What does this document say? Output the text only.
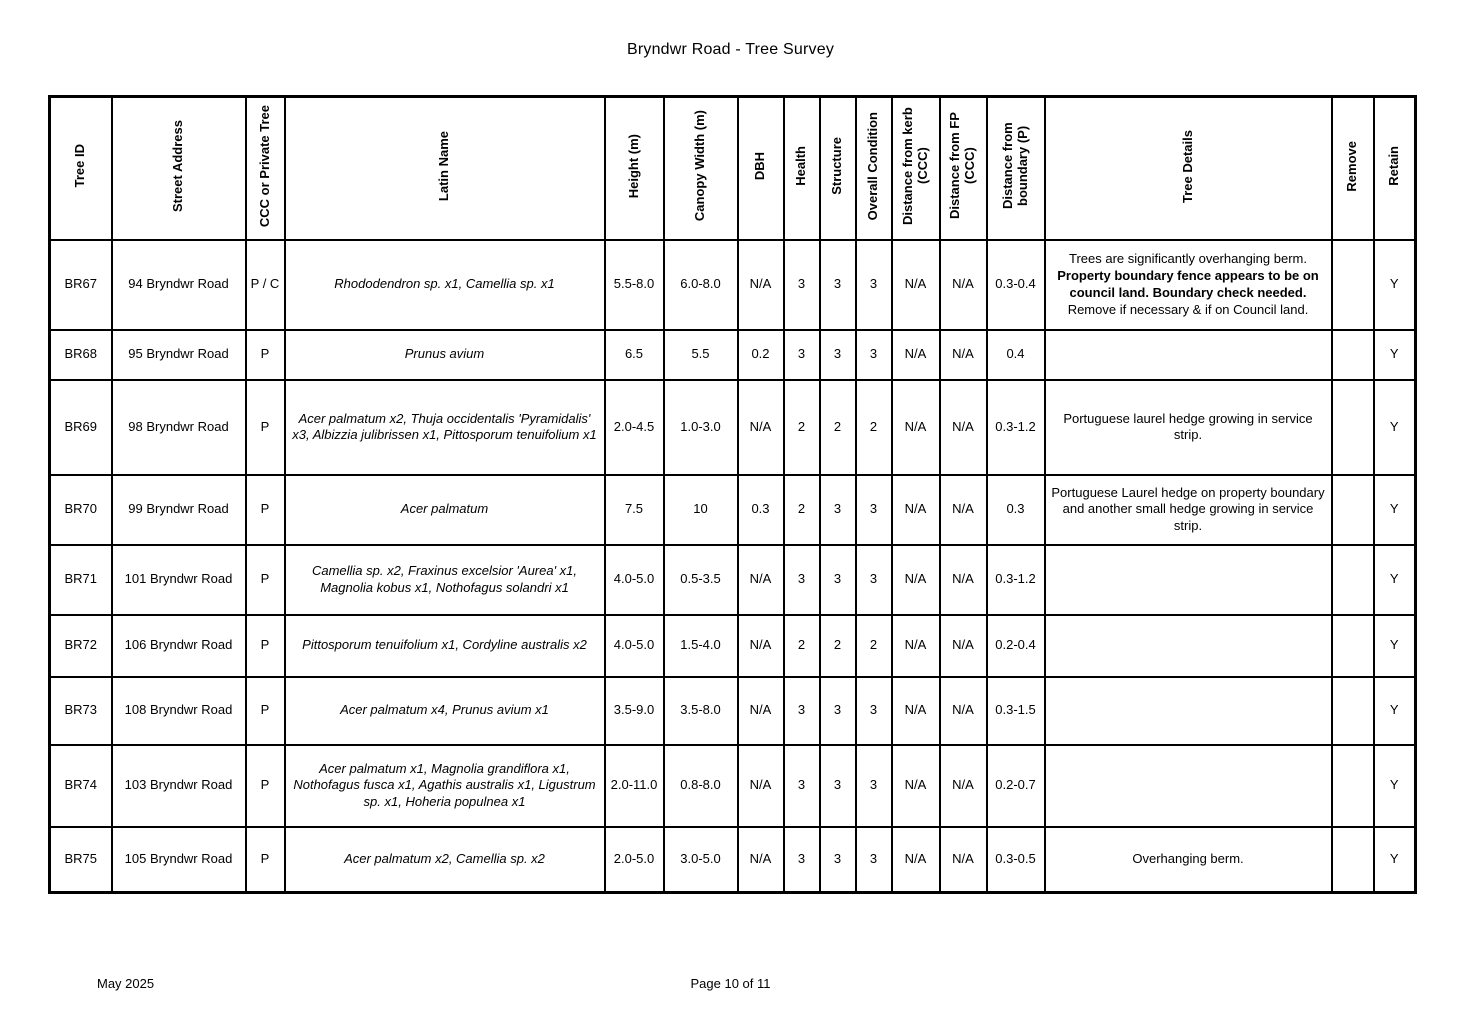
Bryndwr Road - Tree Survey
Tree ID	Street Address	CCC or Private Tree	Latin Name	Height (m)	Canopy Width (m)	DBH	Health	Structure	Overall Condition	Distance from kerb (CCC)	Distance from FP (CCC)	Distance from boundary (P)	Tree Details	Remove	Retain
BR67	94 Bryndwr Road	P / C	Rhododendron sp. x1, Camellia sp. x1	5.5-8.0	6.0-8.0	N/A	3	3	3	N/A	N/A	0.3-0.4	Trees are significantly overhanging berm. Property boundary fence appears to be on council land. Boundary check needed. Remove if necessary & if on Council land.		Y
BR68	95 Bryndwr Road	P	Prunus avium	6.5	5.5	0.2	3	3	3	N/A	N/A	0.4			Y
BR69	98 Bryndwr Road	P	Acer palmatum x2, Thuja occidentalis 'Pyramidalis' x3, Albizzia julibrissen x1, Pittosporum tenuifolium x1	2.0-4.5	1.0-3.0	N/A	2	2	2	N/A	N/A	0.3-1.2	Portuguese laurel hedge growing in service strip.		Y
BR70	99 Bryndwr Road	P	Acer palmatum	7.5	10	0.3	2	3	3	N/A	N/A	0.3	Portuguese Laurel hedge on property boundary and another small hedge growing in service strip.		Y
BR71	101 Bryndwr Road	P	Camellia sp. x2, Fraxinus excelsior 'Aurea' x1, Magnolia kobus x1, Nothofagus solandri x1	4.0-5.0	0.5-3.5	N/A	3	3	3	N/A	N/A	0.3-1.2			Y
BR72	106 Bryndwr Road	P	Pittosporum tenuifolium x1, Cordyline australis x2	4.0-5.0	1.5-4.0	N/A	2	2	2	N/A	N/A	0.2-0.4			Y
BR73	108 Bryndwr Road	P	Acer palmatum x4, Prunus avium x1	3.5-9.0	3.5-8.0	N/A	3	3	3	N/A	N/A	0.3-1.5			Y
BR74	103 Bryndwr Road	P	Acer palmatum x1, Magnolia grandiflora x1, Nothofagus fusca x1, Agathis australis x1, Ligustrum sp. x1, Hoheria populnea x1	2.0-11.0	0.8-8.0	N/A	3	3	3	N/A	N/A	0.2-0.7			Y
BR75	105 Bryndwr Road	P	Acer palmatum x2, Camellia sp. x2	2.0-5.0	3.0-5.0	N/A	3	3	3	N/A	N/A	0.3-0.5	Overhanging berm.		Y
May 2025	Page 10 of 11
